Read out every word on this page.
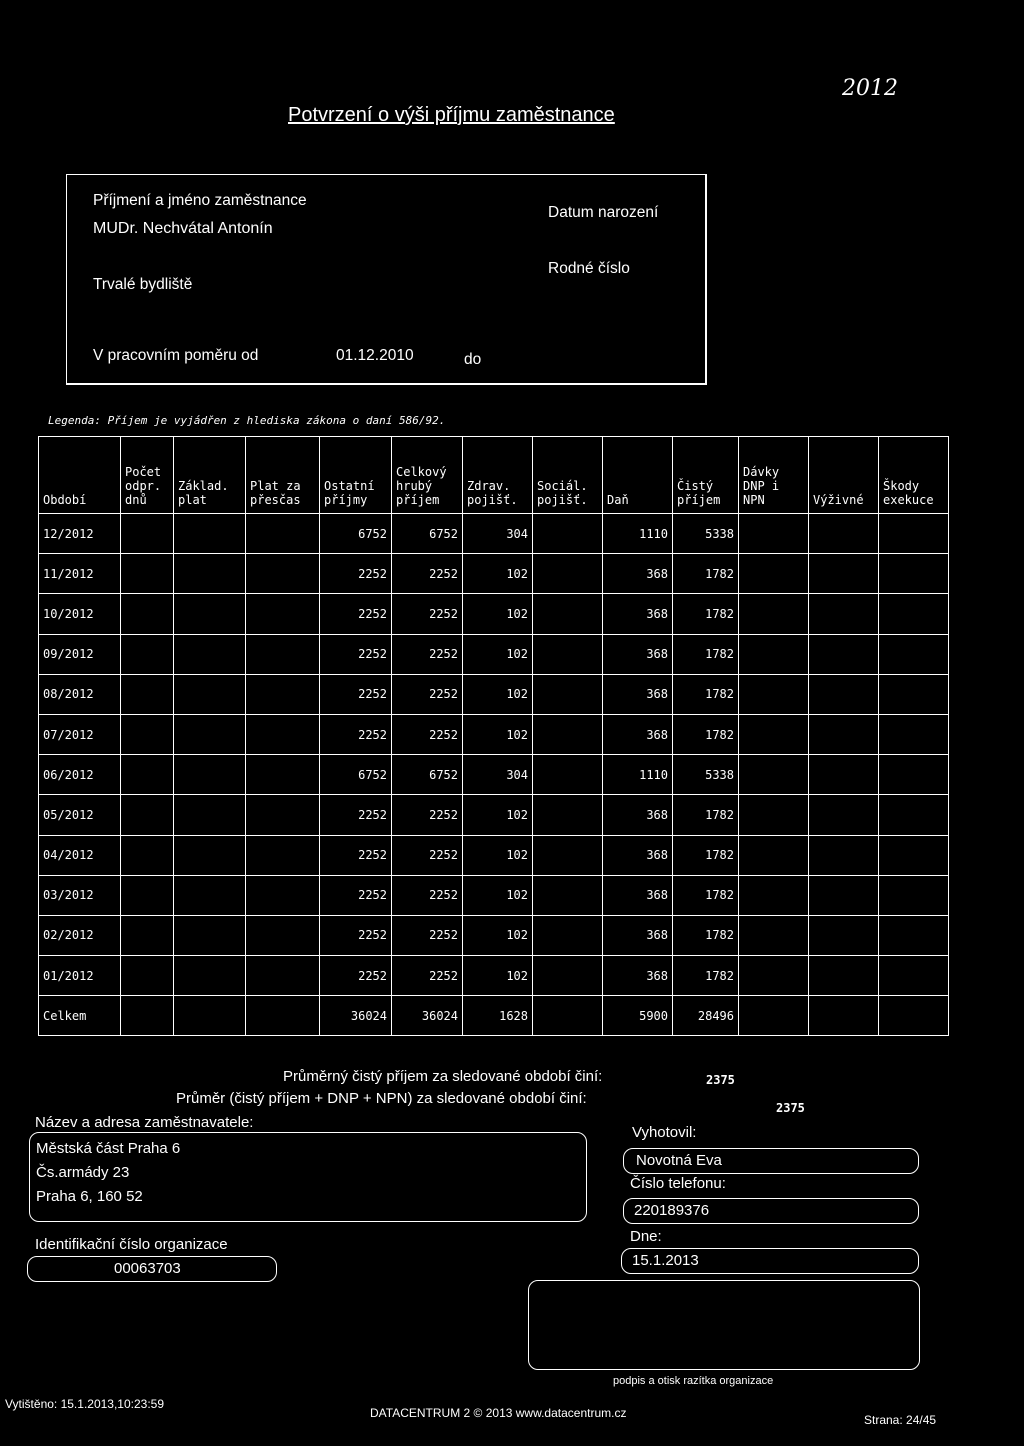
Potvrzení o výši příjmu zaměstnance
2012
Příjmení a jméno zaměstnance
MUDr. Nechvátal Antonín
Datum narození
Rodné číslo
Trvalé bydliště
V pracovním poměru od	01.12.2010	do
Legenda: Příjem je vyjádřen z hlediska zákona o daní 586/92.
Období	Počet odpr. dnů	Základ. plat	Plat za přesčas	Ostatní příjmy	Celkový hrubý příjem	Zdrav. pojišť.	Sociál. pojišť.	Daň	Čistý příjem	Dávky DNP i NPN	Výživné	Škody exekuce
12/2012				6752	6752	304		1110	5338			
11/2012				2252	2252	102		368	1782			
10/2012				2252	2252	102		368	1782			
09/2012				2252	2252	102		368	1782			
08/2012				2252	2252	102		368	1782			
07/2012				2252	2252	102		368	1782			
06/2012				6752	6752	304		1110	5338			
05/2012				2252	2252	102		368	1782			
04/2012				2252	2252	102		368	1782			
03/2012				2252	2252	102		368	1782			
02/2012				2252	2252	102		368	1782			
01/2012				2252	2252	102		368	1782			
Celkem				36024	36024	1628		5900	28496			
Průměrný čistý příjem za sledované období činí:	2375
Průměr (čistý příjem + DNP + NPN) za sledované období činí:
2375
Název a adresa zaměstnavatele:
Městská část Praha 6
Čs.armády 23
Praha 6, 160 52
Identifikační číslo organizace
00063703
Vyhotovil:
Novotná Eva
Číslo telefonu:
220189376
Dne:
15.1.2013
podpis a otisk razítka organizace
Vytištěno: 15.1.2013,10:23:59
DATACENTRUM 2 © 2013 www.datacentrum.cz	Strana: 24/45
